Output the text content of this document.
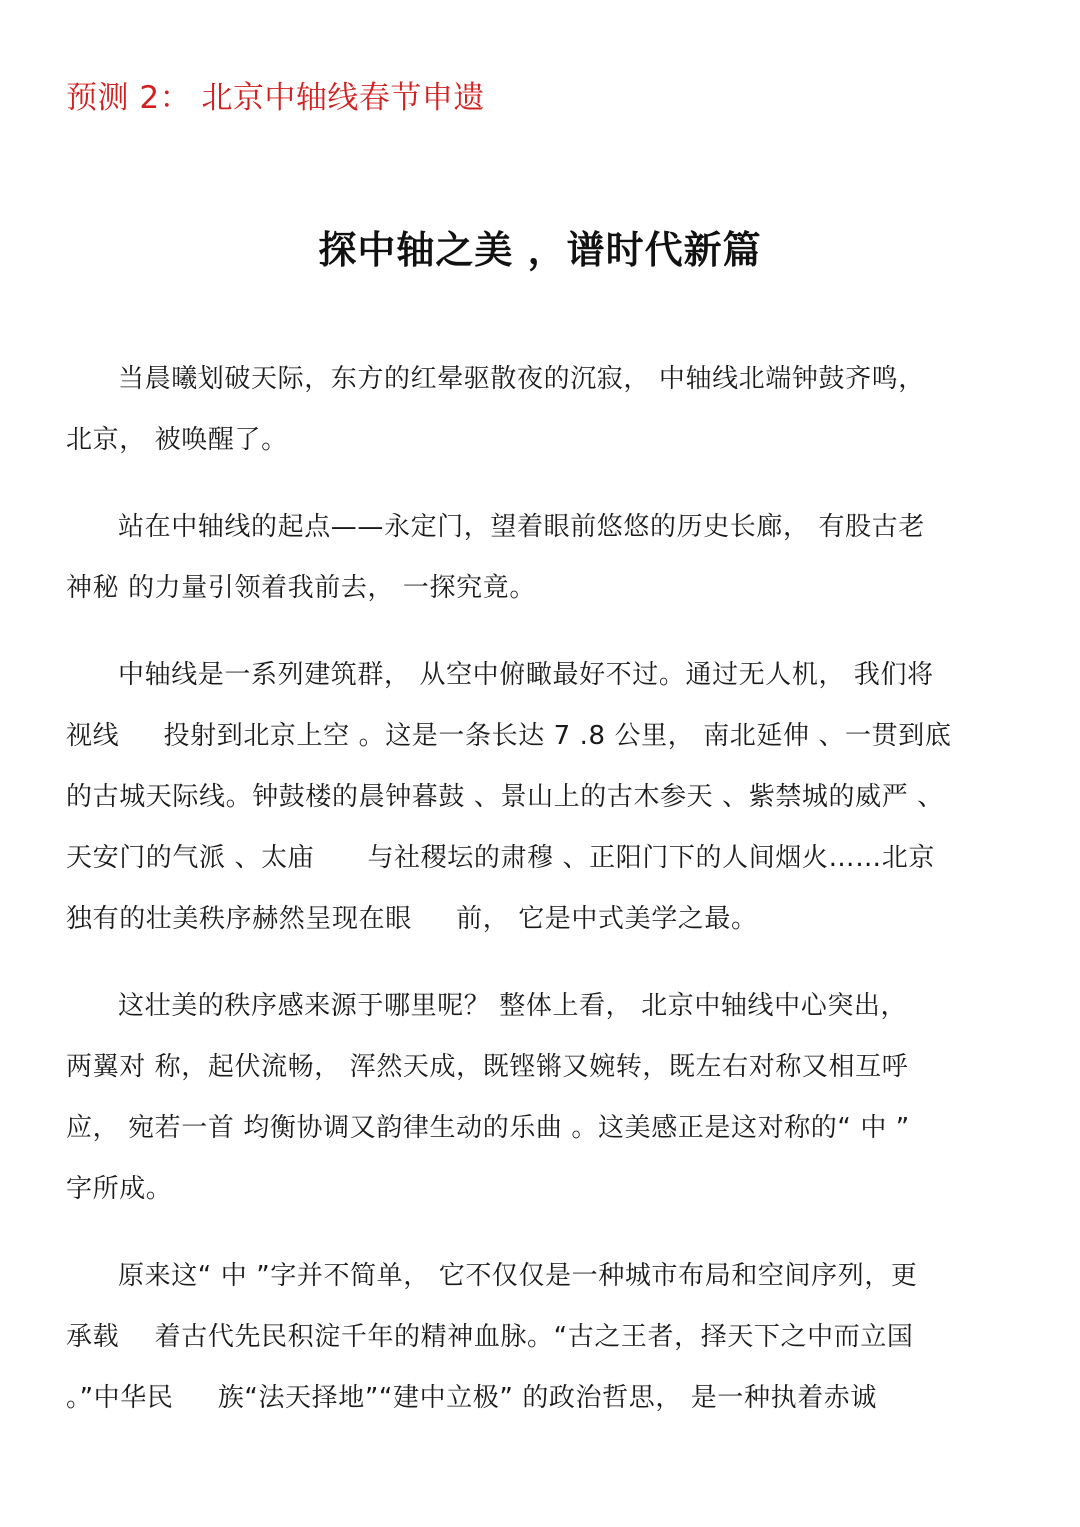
预测 2： 北京中轴线春节申遗
探中轴之美 ，谱时代新篇
当晨曦划破天际，东方的红晕驱散夜的沉寂， 中轴线北端钟鼓齐鸣，
北京， 被唤醒了。
站在中轴线的起点——永定门，望着眼前悠悠的历史长廊， 有股古老
神秘 的力量引领着我前去， 一探究竟。
中轴线是一系列建筑群， 从空中俯瞰最好不过。通过无人机， 我们将
视线     投射到北京上空 。这是一条长达 7 .8 公里， 南北延伸 、一贯到底
的古城天际线。钟鼓楼的晨钟暮鼓 、景山上的古木参天 、紫禁城的威严 、
天安门的气派 、太庙      与社稷坛的肃穆 、正阳门下的人间烟火……北京
独有的壮美秩序赫然呈现在眼     前， 它是中式美学之最。
这壮美的秩序感来源于哪里呢？ 整体上看， 北京中轴线中心突出，
两翼对 称，起伏流畅， 浑然天成，既铿锵又婉转，既左右对称又相互呼
应， 宛若一首 均衡协调又韵律生动的乐曲 。这美感正是这对称的“ 中 ”
字所成。
原来这“ 中 ”字并不简单， 它不仅仅是一种城市布局和空间序列，更
承载    着古代先民积淀千年的精神血脉。“古之王者，择天下之中而立国
。”中华民     族“法天择地”“建中立极” 的政治哲思， 是一种执着赤诚
